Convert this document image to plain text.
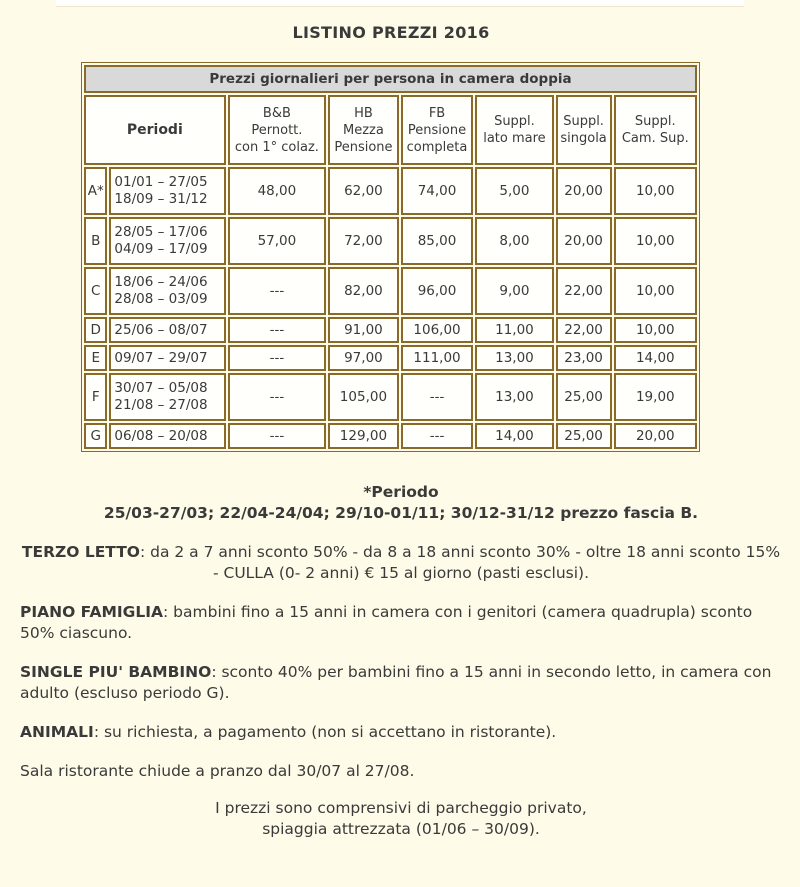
LISTINO PREZZI 2016
Prezzi giornalieri per persona in camera doppia							
Periodi		B&B
Pernott.
con 1° colaz.	HB
Mezza
Pensione	FB
Pensione
completa	Suppl.
lato mare	Suppl.
singola	Suppl.
Cam. Sup.
A*	01/01 – 27/05
18/09 – 31/12	48,00	62,00	74,00	5,00	20,00	10,00
B	28/05 – 17/06
04/09 – 17/09	57,00	72,00	85,00	8,00	20,00	10,00
C	18/06 – 24/06
28/08 – 03/09	---	82,00	96,00	9,00	22,00	10,00
D	25/06 – 08/07	---	91,00	106,00	11,00	22,00	10,00
E	09/07 – 29/07	---	97,00	111,00	13,00	23,00	14,00
F	30/07 – 05/08
21/08 – 27/08	---	105,00	---	13,00	25,00	19,00
G	06/08 – 20/08	---	129,00	---	14,00	25,00	20,00

*Periodo
25/03-27/03; 22/04-24/04; 29/10-01/11; 30/12-31/12 prezzo fascia B.

TERZO LETTO: da 2 a 7 anni sconto 50% - da 8 a 18 anni sconto 30% - oltre 18 anni sconto 15% - CULLA (0- 2 anni) € 15 al giorno (pasti esclusi).

PIANO FAMIGLIA: bambini fino a 15 anni in camera con i genitori (camera quadrupla) sconto 50% ciascuno.

SINGLE PIU' BAMBINO: sconto 40% per bambini fino a 15 anni in secondo letto, in camera con adulto (escluso periodo G).

ANIMALI: su richiesta, a pagamento (non si accettano in ristorante).

Sala ristorante chiude a pranzo dal 30/07 al 27/08.

I prezzi sono comprensivi di parcheggio privato,
spiaggia attrezzata (01/06 – 30/09).
